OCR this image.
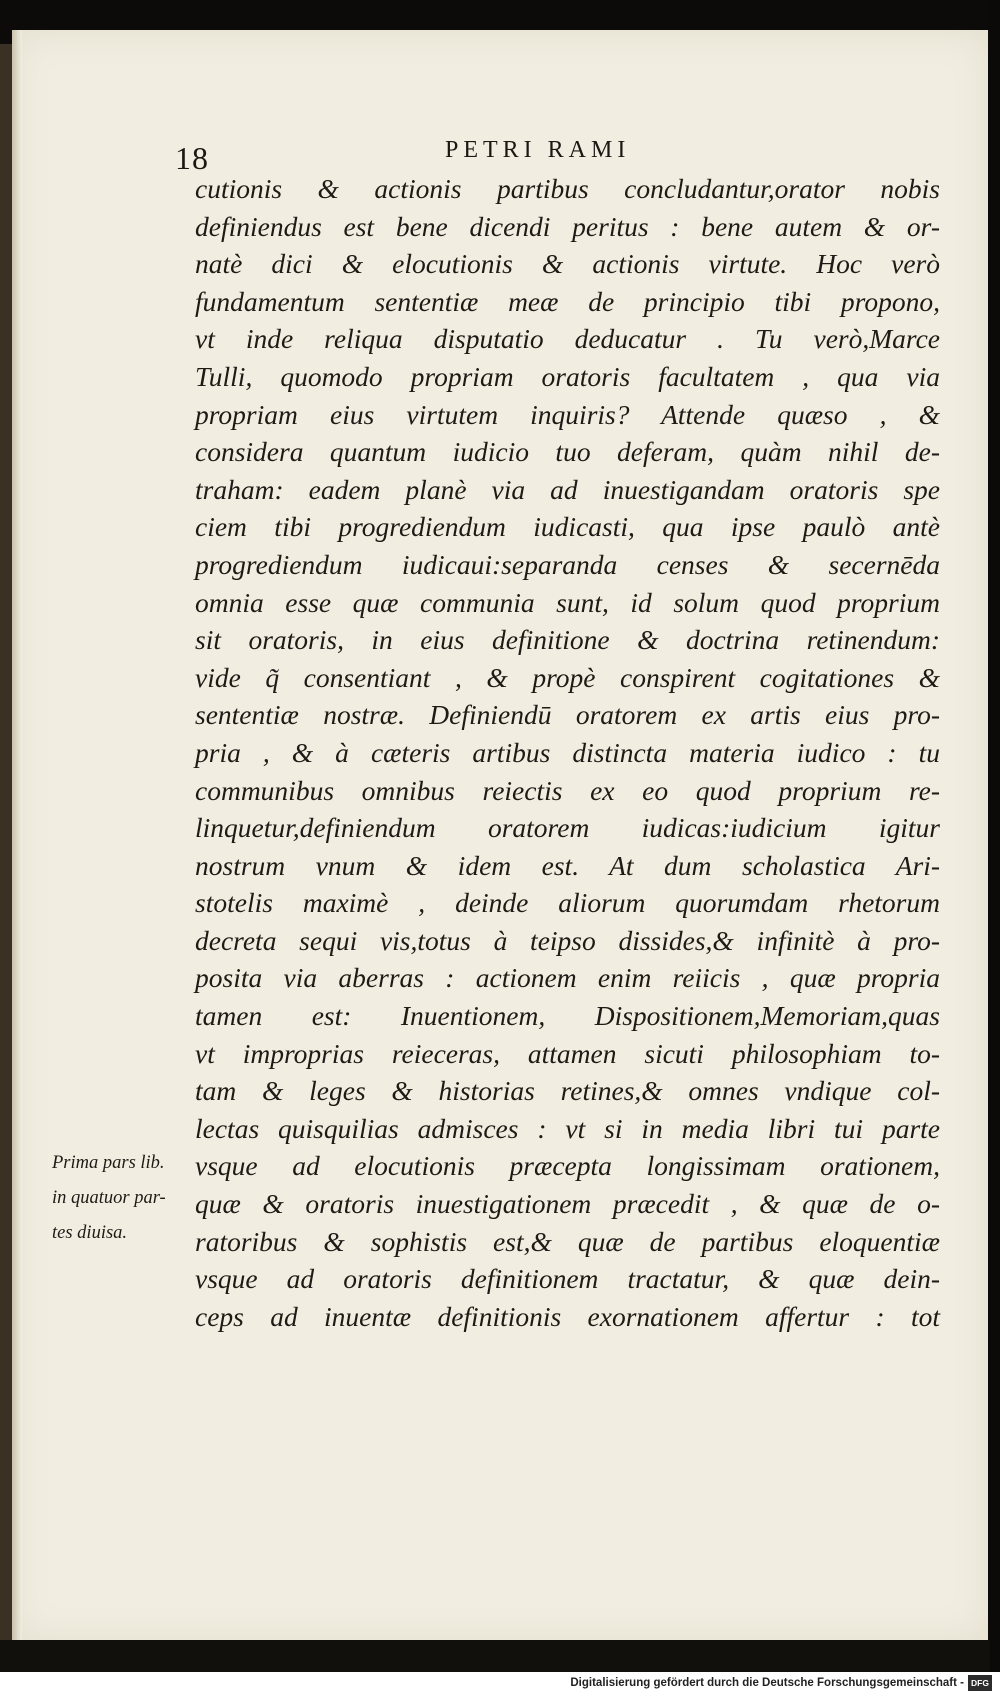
18	PETRI RAMI
cutionis & actionis partibus concludantur,orator nobis
definiendus est bene dicendi peritus : bene autem & or-
natè dici & elocutionis & actionis virtute. Hoc verò
fundamentum sententiæ meæ de principio tibi propono,
vt inde reliqua disputatio deducatur . Tu verò,Marce
Tulli, quomodo propriam oratoris facultatem , qua via
propriam eius virtutem inquiris? Attende quæso , &
considera quantum iudicio tuo deferam, quàm nihil de-
traham: eadem planè via ad inuestigandam oratoris spe
ciem tibi progrediendum iudicasti, qua ipse paulò antè
progrediendum iudicaui:separanda censes & secernēda
omnia esse quæ communia sunt, id solum quod proprium
sit oratoris, in eius definitione & doctrina retinendum:
vide q̃ consentiant , & propè conspirent cogitationes &
sententiæ nostræ. Definiendū oratorem ex artis eius pro-
pria , & à cæteris artibus distincta materia iudico : tu
communibus omnibus reiectis ex eo quod proprium re-
linquetur,definiendum oratorem iudicas:iudicium igitur
nostrum vnum & idem est. At dum scholastica Ari-
stotelis maximè , deinde aliorum quorumdam rhetorum
decreta sequi vis,totus à teipso dissides,& infinitè à pro-
posita via aberras : actionem enim reiicis , quæ propria
tamen est: Inuentionem, Dispositionem,Memoriam,quas
vt improprias reieceras, attamen sicuti philosophiam to-
tam & leges & historias retines,& omnes vndique col-
lectas quisquilias admisces : vt si in media libri tui parte
vsque ad elocutionis præcepta longissimam orationem,
quæ & oratoris inuestigationem præcedit , & quæ de o-
ratoribus & sophistis est,& quæ de partibus eloquentiæ
vsque ad oratoris definitionem tractatur, & quæ dein-
ceps ad inuentæ definitionis exornationem affertur : tot
Prima pars lib.
in quatuor par-
tes diuisa.
Digitalisierung gefördert durch die Deutsche Forschungsgemeinschaft - DFG
